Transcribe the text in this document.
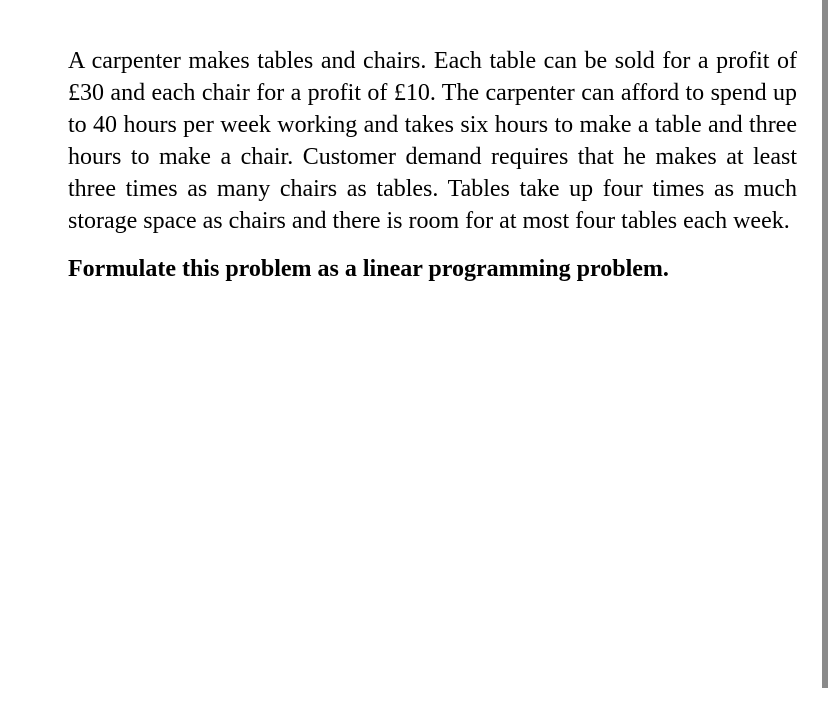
A carpenter makes tables and chairs. Each table can be sold for a profit of £30 and each chair for a profit of £10. The carpenter can afford to spend up to 40 hours per week working and takes six hours to make a table and three hours to make a chair. Customer demand requires that he makes at least three times as many chairs as tables. Tables take up four times as much storage space as chairs and there is room for at most four tables each week.

Formulate this problem as a linear programming problem.
